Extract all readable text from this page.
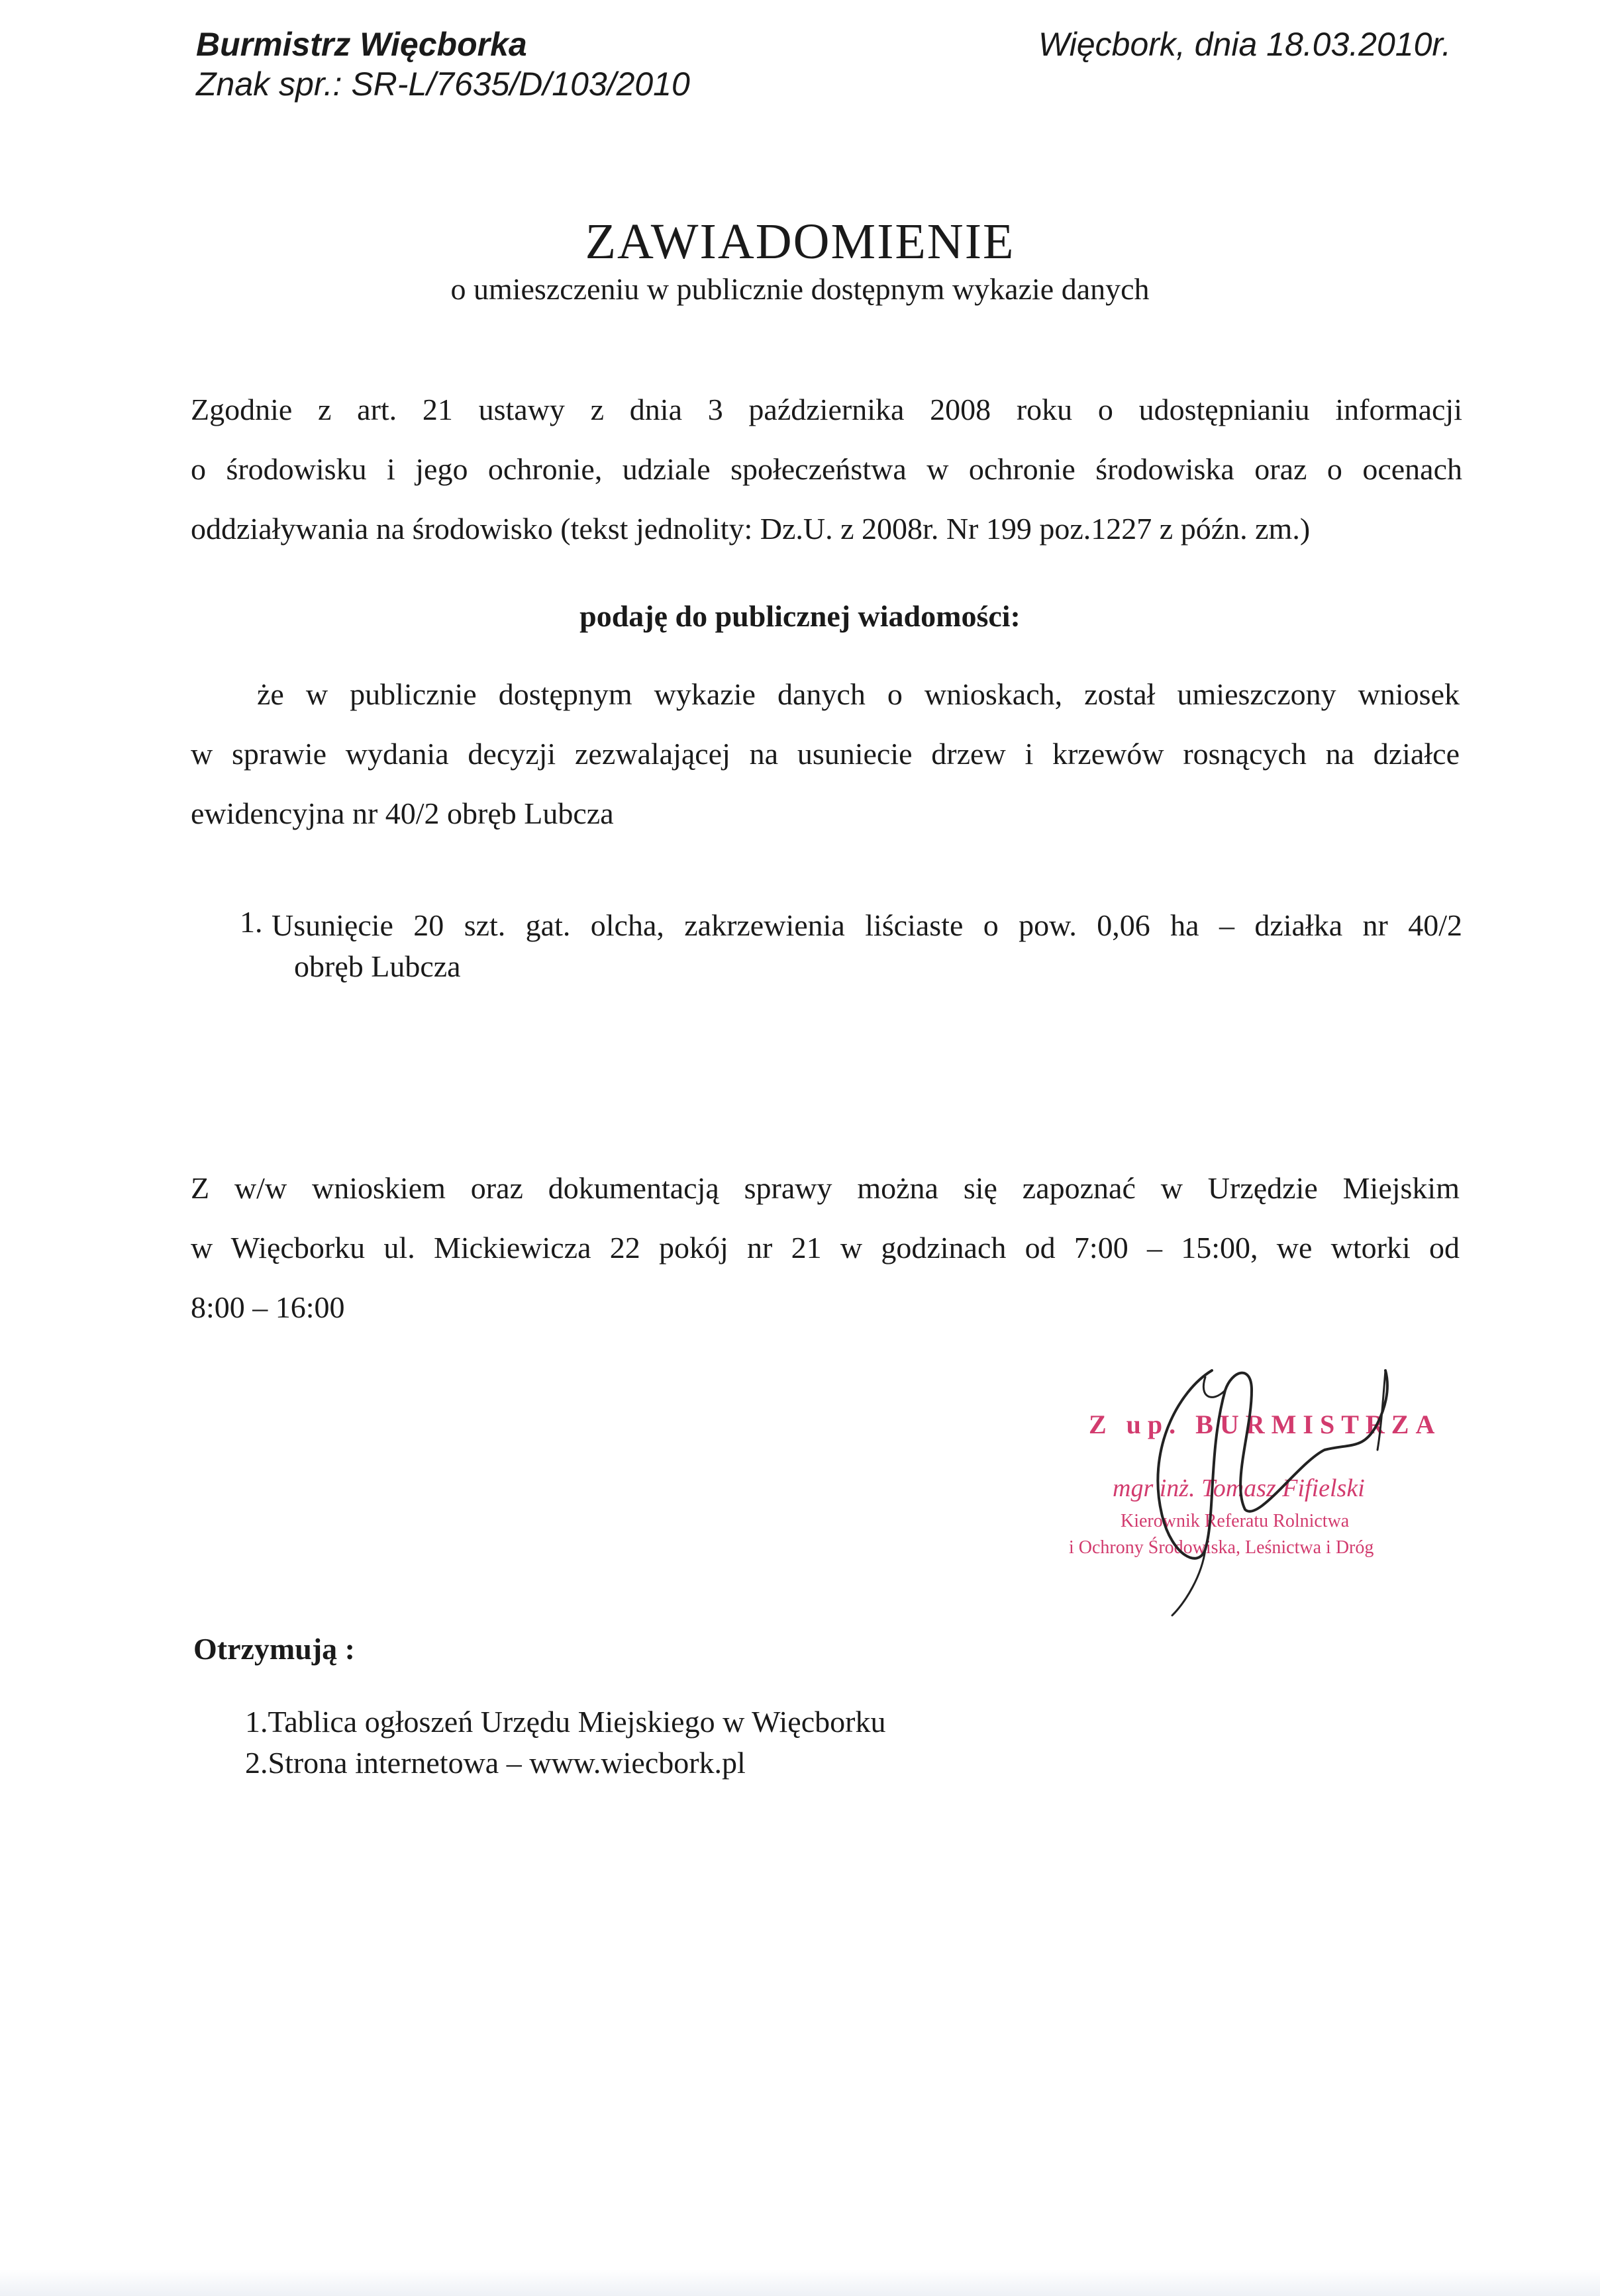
Burmistrz Więcborka
Znak spr.: SR-L/7635/D/103/2010
Więcbork, dnia 18.03.2010r.
ZAWIADOMIENIE
o umieszczeniu w publicznie dostępnym wykazie danych
Zgodnie z art. 21 ustawy z dnia 3 października 2008 roku o udostępnianiu informacji
o środowisku i jego ochronie, udziale społeczeństwa w ochronie środowiska oraz o ocenach
oddziaływania na środowisko (tekst jednolity: Dz.U. z 2008r. Nr 199 poz.1227 z późn. zm.)
podaję do publicznej wiadomości:
że w publicznie dostępnym wykazie danych o wnioskach, został umieszczony wniosek
w sprawie wydania decyzji zezwalającej na usuniecie drzew i krzewów rosnących na działce
ewidencyjna nr 40/2 obręb Lubcza
1. Usunięcie 20 szt. gat. olcha, zakrzewienia liściaste o pow. 0,06 ha – działka nr 40/2
obręb Lubcza
Z w/w wnioskiem oraz dokumentacją sprawy można się zapoznać w Urzędzie Miejskim
w Więcborku ul. Mickiewicza 22 pokój nr 21 w godzinach od 7:00 – 15:00, we wtorki od
8:00 – 16:00
Z up. BURMISTRZA
mgr inż. Tomasz Fifielski
Kierownik Referatu Rolnictwa
i Ochrony Środowiska, Leśnictwa i Dróg
Otrzymują :
1.Tablica ogłoszeń Urzędu Miejskiego w Więcborku
2.Strona internetowa – www.wiecbork.pl
